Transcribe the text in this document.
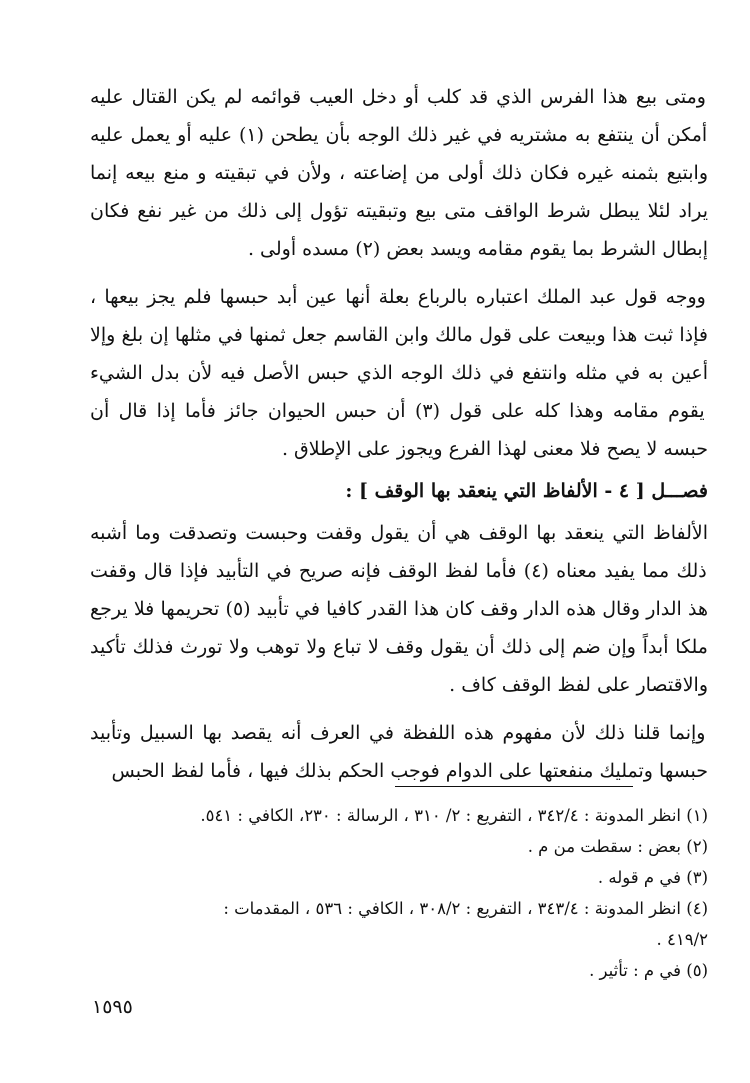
ومتى بيع هذا الفرس الذي قد كلب أو دخل العيب قوائمه لم يكن القتال عليه أمكن أن ينتفع به مشتريه في غير ذلك الوجه بأن يطحن (١) عليه أو يعمل عليه وابتيع بثمنه غيره فكان ذلك أولى من إضاعته ، ولأن في تبقيته و منع بيعه إنما يراد لئلا يبطل شرط الواقف متى بيع وتبقيته تؤول إلى ذلك من غير نفع فكان إبطال الشرط بما يقوم مقامه ويسد بعض (٢) مسده أولى .

ووجه قول عبد الملك اعتباره بالرباع بعلة أنها عين أبد حبسها فلم يجز بيعها ، فإذا ثبت هذا وبيعت على قول مالك وابن القاسم جعل ثمنها في مثلها إن بلغ وإلا أعين به في مثله وانتفع في ذلك الوجه الذي حبس الأصل فيه لأن بدل الشيء يقوم مقامه وهذا كله على قول (٣) أن حبس الحيوان جائز فأما إذا قال أن حبسه لا يصح فلا معنى لهذا الفرع ويجوز على الإطلاق .

فصـــل [ ٤ - الألفاظ التي ينعقد بها الوقف ] :

الألفاظ التي ينعقد بها الوقف هي أن يقول وقفت وحبست وتصدقت وما أشبه ذلك مما يفيد معناه (٤) فأما لفظ الوقف فإنه صريح في التأبيد فإذا قال وقفت هذ الدار وقال هذه الدار وقف كان هذا القدر كافيا في تأبيد (٥) تحريمها فلا يرجع ملكا أبداً وإن ضم إلى ذلك أن يقول وقف لا تباع ولا توهب ولا تورث فذلك تأكيد والاقتصار على لفظ الوقف كاف .

وإنما قلنا ذلك لأن مفهوم هذه اللفظة في العرف أنه يقصد بها السبيل وتأبيد حبسها وتمليك منفعتها على الدوام فوجب الحكم بذلك فيها ، فأما لفظ الحبس

(١) انظر المدونة : ٣٤٢/٤ ، التفريع : ٢/ ٣١٠ ، الرسالة : ٢٣٠، الكافي : ٥٤١.
(٢) بعض : سقطت من م .
(٣) في م قوله .
(٤) انظر المدونة : ٣٤٣/٤ ، التفريع : ٣٠٨/٢ ، الكافي : ٥٣٦ ، المقدمات :
٤١٩/٢ .
(٥) في م : تأثير .
١٥٩٥
